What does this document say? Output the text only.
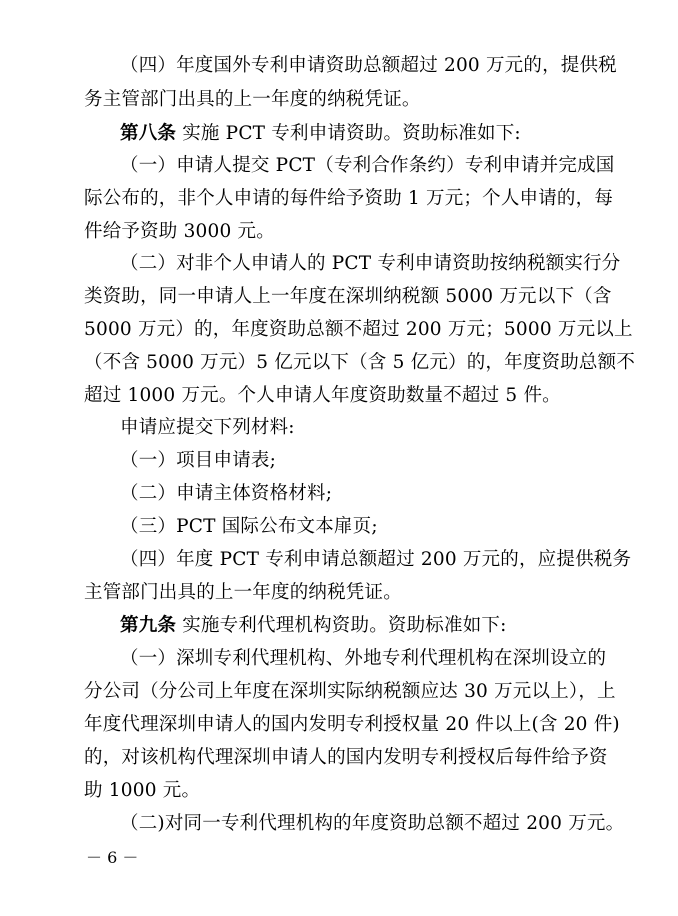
（四）年度国外专利申请资助总额超过 200 万元的，提供税
务主管部门出具的上一年度的纳税凭证。
第八条 实施 PCT 专利申请资助。资助标准如下:
（一）申请人提交 PCT（专利合作条约）专利申请并完成国
际公布的，非个人申请的每件给予资助 1 万元；个人申请的，每
件给予资助 3000 元。
（二）对非个人申请人的 PCT 专利申请资助按纳税额实行分
类资助，同一申请人上一年度在深圳纳税额 5000 万元以下（含
5000 万元）的，年度资助总额不超过 200 万元；5000 万元以上
（不含 5000 万元）5 亿元以下（含 5 亿元）的，年度资助总额不
超过 1000 万元。个人申请人年度资助数量不超过 5 件。
申请应提交下列材料:
（一）项目申请表;
（二）申请主体资格材料;
（三）PCT 国际公布文本扉页;
（四）年度 PCT 专利申请总额超过 200 万元的，应提供税务
主管部门出具的上一年度的纳税凭证。
第九条 实施专利代理机构资助。资助标准如下:
（一）深圳专利代理机构、外地专利代理机构在深圳设立的
分公司（分公司上年度在深圳实际纳税额应达 30 万元以上），上
年度代理深圳申请人的国内发明专利授权量 20 件以上(含 20 件)
的，对该机构代理深圳申请人的国内发明专利授权后每件给予资
助 1000 元。
（二)对同一专利代理机构的年度资助总额不超过 200 万元。
－ 6 －
